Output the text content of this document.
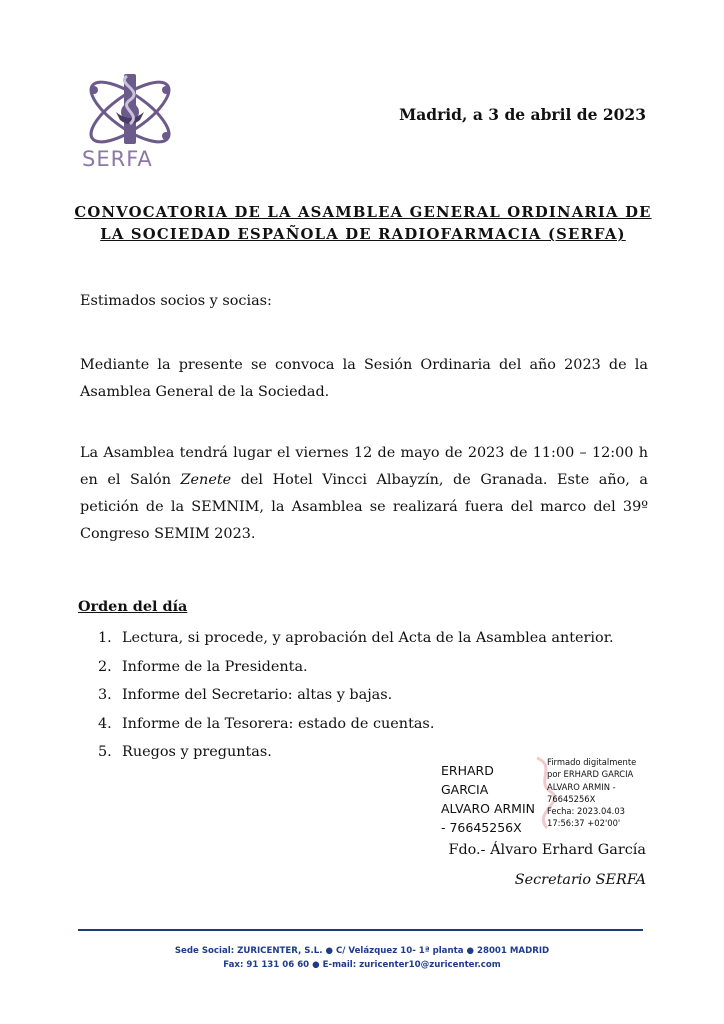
SERFA
Madrid, a 3 de abril de 2023
CONVOCATORIA DE LA ASAMBLEA GENERAL ORDINARIA DE
LA SOCIEDAD ESPAÑOLA DE RADIOFARMACIA (SERFA)
Estimados socios y socias:
Mediante la presente se convoca la Sesión Ordinaria del año 2023 de la Asamblea General de la Sociedad.
La Asamblea tendrá lugar el viernes 12 de mayo de 2023 de 11:00 – 12:00 h en el Salón Zenete del Hotel Vincci Albayzín, de Granada. Este año, a petición de la SEMNIM, la Asamblea se realizará fuera del marco del 39º Congreso SEMIM 2023.
Orden del día
1. Lectura, si procede, y aprobación del Acta de la Asamblea anterior.
2. Informe de la Presidenta.
3. Informe del Secretario: altas y bajas.
4. Informe de la Tesorera: estado de cuentas.
5. Ruegos y preguntas.
ERHARD
GARCIA
ALVARO ARMIN
- 76645256X
Firmado digitalmente
por ERHARD GARCIA
ALVARO ARMIN -
76645256X
Fecha: 2023.04.03
17:56:37 +02'00'
Fdo.- Álvaro Erhard García
Secretario SERFA
Sede Social: ZURICENTER, S.L. ● C/ Velázquez 10- 1ª planta ● 28001 MADRID
Fax: 91 131 06 60 ● E-mail: zuricenter10@zuricenter.com
